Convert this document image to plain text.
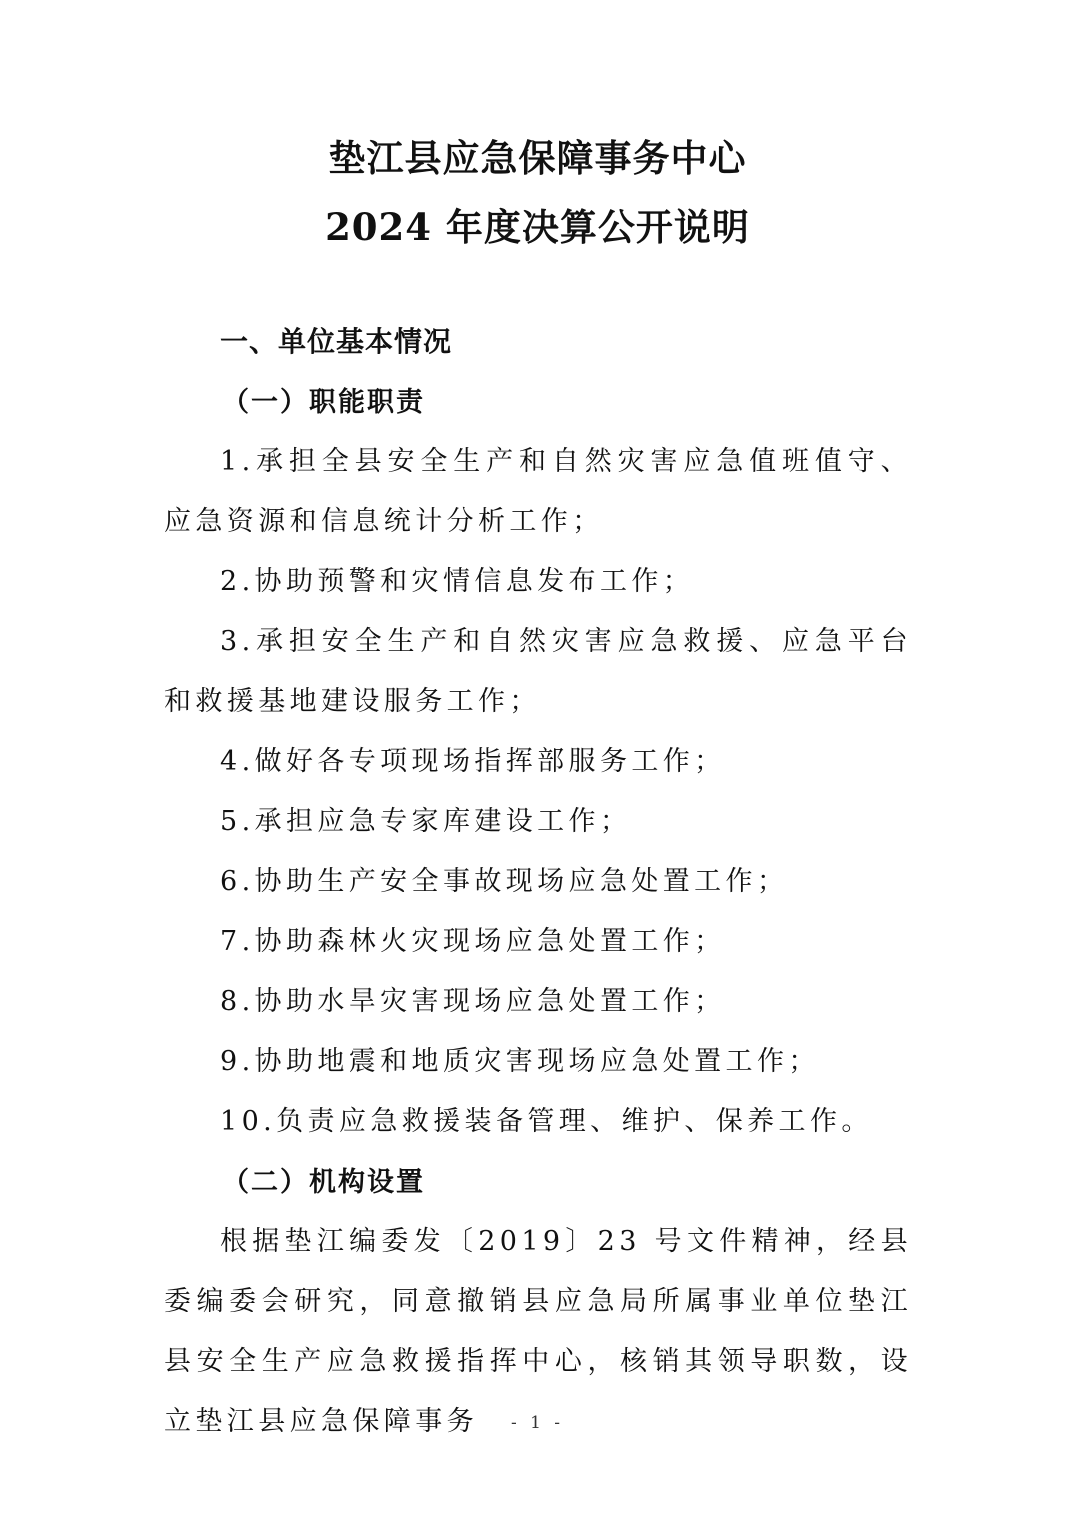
垫江县应急保障事务中心
2024 年度决算公开说明
一、单位基本情况
（一）职能职责

1.承担全县安全生产和自然灾害应急值班值守、应急资源和信息统计分析工作；

2.协助预警和灾情信息发布工作；

3.承担安全生产和自然灾害应急救援、应急平台和救援基地建设服务工作；

4.做好各专项现场指挥部服务工作；

5.承担应急专家库建设工作；

6.协助生产安全事故现场应急处置工作；

7.协助森林火灾现场应急处置工作；

8.协助水旱灾害现场应急处置工作；

9.协助地震和地质灾害现场应急处置工作；

10.负责应急救援装备管理、维护、保养工作。

（二）机构设置

根据垫江编委发〔2019〕23 号文件精神，经县委编委会研究，同意撤销县应急局所属事业单位垫江县安全生产应急救援指挥中心，核销其领导职数，设立垫江县应急保障事务	- 1 -
